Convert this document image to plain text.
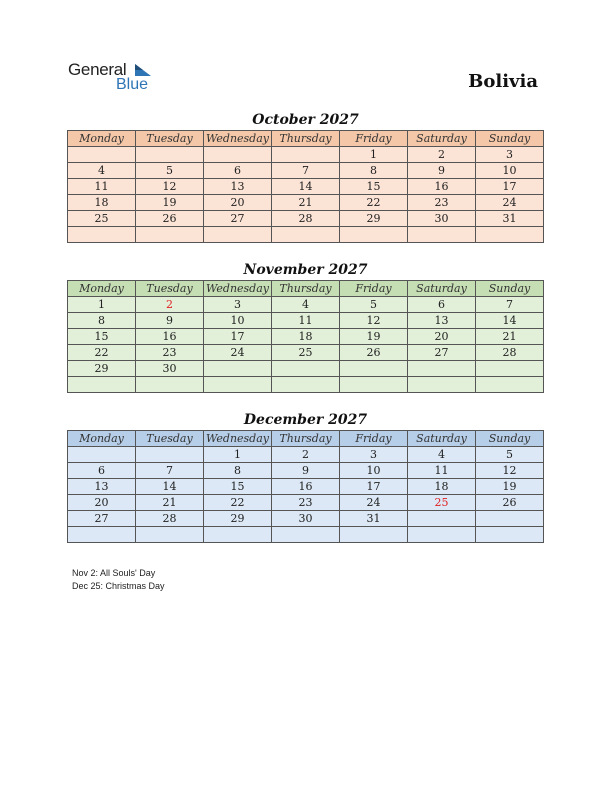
General
Blue	Bolivia
October 2027
Monday	Tuesday	Wednesday	Thursday	Friday	Saturday	Sunday
				1	2	3
4	5	6	7	8	9	10
11	12	13	14	15	16	17
18	19	20	21	22	23	24
25	26	27	28	29	30	31

November 2027
Monday	Tuesday	Wednesday	Thursday	Friday	Saturday	Sunday
1	2	3	4	5	6	7
8	9	10	11	12	13	14
15	16	17	18	19	20	21
22	23	24	25	26	27	28
29	30					

December 2027
Monday	Tuesday	Wednesday	Thursday	Friday	Saturday	Sunday
		1	2	3	4	5
6	7	8	9	10	11	12
13	14	15	16	17	18	19
20	21	22	23	24	25	26
27	28	29	30	31		

Nov 2: All Souls' Day
Dec 25: Christmas Day
